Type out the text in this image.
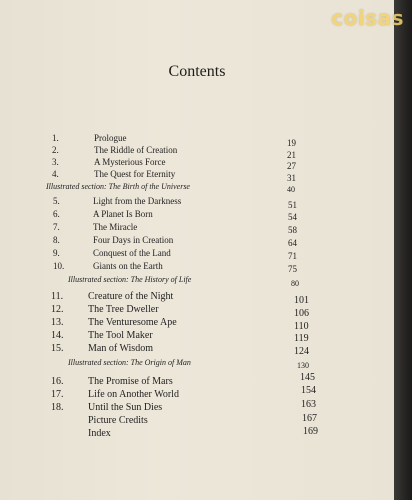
Contents
1.	Prologue	19
2.	The Riddle of Creation	21
3.	A Mysterious Force	27
4.	The Quest for Eternity	31
Illustrated section: The Birth of the Universe	40
5.	Light from the Darkness	51
6.	A Planet Is Born	54
7.	The Miracle	58
8.	Four Days in Creation	64
9.	Conquest of the Land	71
10.	Giants on the Earth	75
Illustrated section: The History of Life	80
11.	Creature of the Night	101
12.	The Tree Dweller	106
13.	The Venturesome Ape	110
14.	The Tool Maker	119
15.	Man of Wisdom	124
Illustrated section: The Origin of Man	130
16.	The Promise of Mars	145
17.	Life on Another World	154
18.	Until the Sun Dies	163
Picture Credits	167
Index	169
coisas
